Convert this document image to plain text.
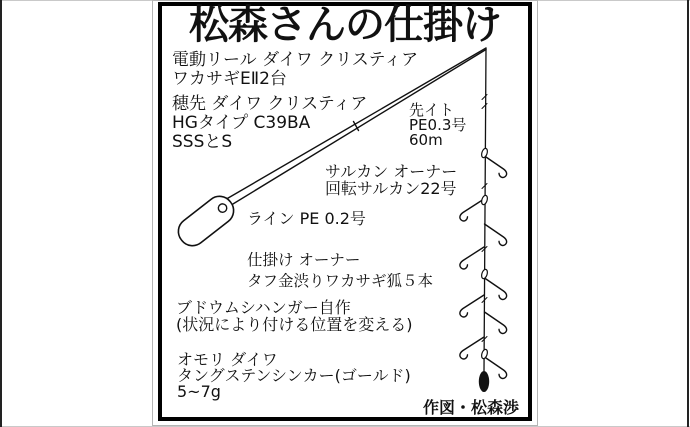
松森さんの仕掛け
電動リール ダイワ クリスティア
ワカサギEⅡ2台
穂先 ダイワ クリスティア
HGタイプ C39BA
SSSとS
先イト
PE0.3号
60m
サルカン オーナー
回転サルカン22号
ライン PE 0.2号
仕掛け オーナー
タフ金渋りワカサギ狐５本
ブドウムシハンガー自作
(状況により付ける位置を変える)
オモリ ダイワ
タングステンシンカー(ゴールド)
5~7g
作図・松森渉
